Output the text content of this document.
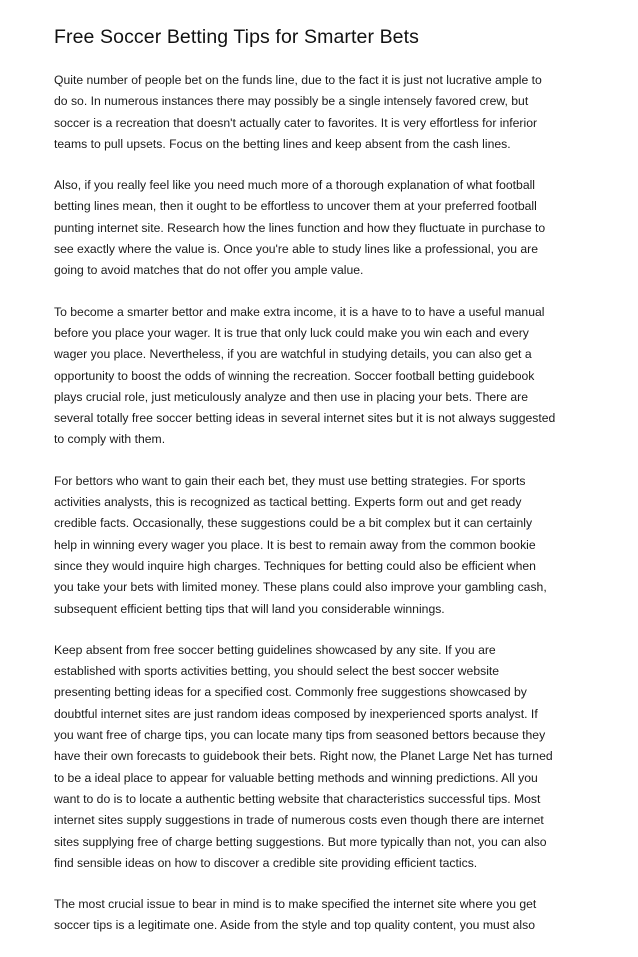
Free Soccer Betting Tips for Smarter Bets

Quite number of people bet on the funds line, due to the fact it is just not lucrative ample to
do so. In numerous instances there may possibly be a single intensely favored crew, but
soccer is a recreation that doesn't actually cater to favorites. It is very effortless for inferior
teams to pull upsets. Focus on the betting lines and keep absent from the cash lines.

Also, if you really feel like you need much more of a thorough explanation of what football
betting lines mean, then it ought to be effortless to uncover them at your preferred football
punting internet site. Research how the lines function and how they fluctuate in purchase to
see exactly where the value is. Once you're able to study lines like a professional, you are
going to avoid matches that do not offer you ample value.

To become a smarter bettor and make extra income, it is a have to to have a useful manual
before you place your wager. It is true that only luck could make you win each and every
wager you place. Nevertheless, if you are watchful in studying details, you can also get a
opportunity to boost the odds of winning the recreation. Soccer football betting guidebook
plays crucial role, just meticulously analyze and then use in placing your bets. There are
several totally free soccer betting ideas in several internet sites but it is not always suggested
to comply with them.

For bettors who want to gain their each bet, they must use betting strategies. For sports
activities analysts, this is recognized as tactical betting. Experts form out and get ready
credible facts. Occasionally, these suggestions could be a bit complex but it can certainly
help in winning every wager you place. It is best to remain away from the common bookie
since they would inquire high charges. Techniques for betting could also be efficient when
you take your bets with limited money. These plans could also improve your gambling cash,
subsequent efficient betting tips that will land you considerable winnings.

Keep absent from free soccer betting guidelines showcased by any site. If you are
established with sports activities betting, you should select the best soccer website
presenting betting ideas for a specified cost. Commonly free suggestions showcased by
doubtful internet sites are just random ideas composed by inexperienced sports analyst. If
you want free of charge tips, you can locate many tips from seasoned bettors because they
have their own forecasts to guidebook their bets. Right now, the Planet Large Net has turned
to be a ideal place to appear for valuable betting methods and winning predictions. All you
want to do is to locate a authentic betting website that characteristics successful tips. Most
internet sites supply suggestions in trade of numerous costs even though there are internet
sites supplying free of charge betting suggestions. But more typically than not, you can also
find sensible ideas on how to discover a credible site providing efficient tactics.

The most crucial issue to bear in mind is to make specified the internet site where you get
soccer tips is a legitimate one. Aside from the style and top quality content, you must also
